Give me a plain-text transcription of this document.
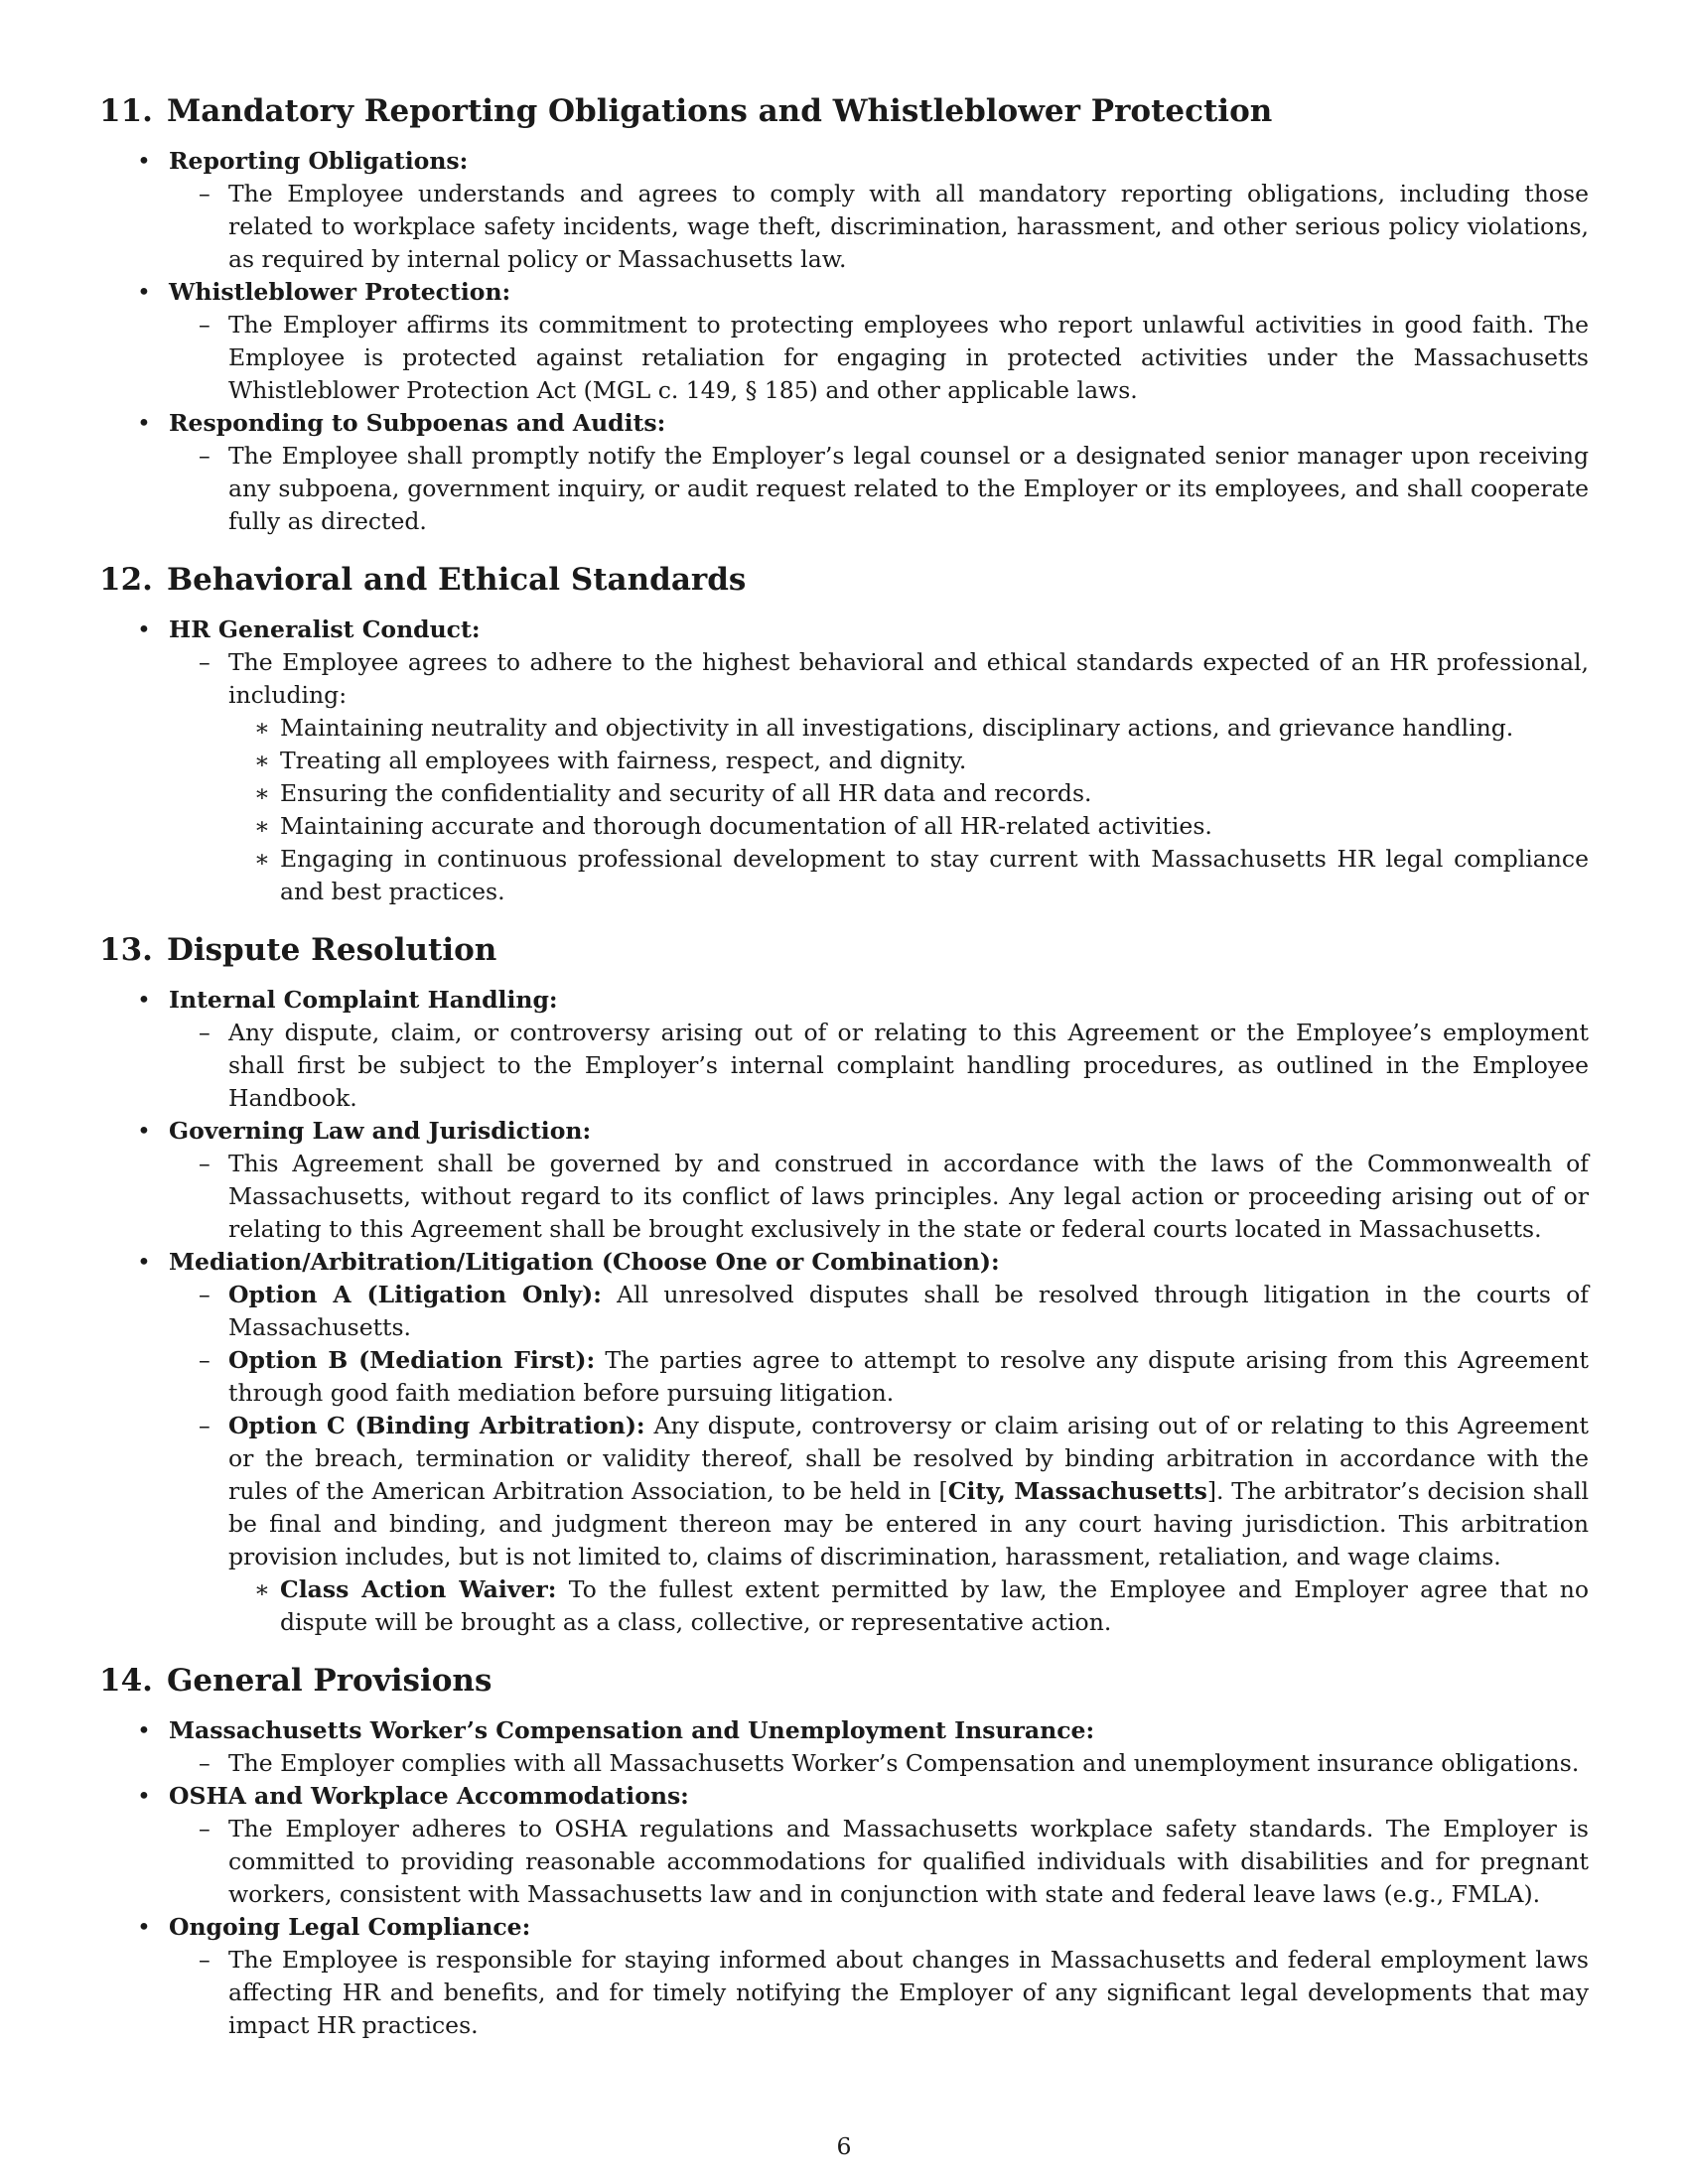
11. Mandatory Reporting Obligations and Whistleblower Protection
• Reporting Obligations:
– The Employee understands and agrees to comply with all mandatory reporting obligations, including those related to workplace safety incidents, wage theft, discrimination, harassment, and other serious policy violations, as required by internal policy or Massachusetts law.
• Whistleblower Protection:
– The Employer affirms its commitment to protecting employees who report unlawful activities in good faith. The Employee is protected against retaliation for engaging in protected activities under the Massachusetts Whistleblower Protection Act (MGL c. 149, § 185) and other applicable laws.
• Responding to Subpoenas and Audits:
– The Employee shall promptly notify the Employer’s legal counsel or a designated senior manager upon receiving any subpoena, government inquiry, or audit request related to the Employer or its employees, and shall cooperate fully as directed.
12. Behavioral and Ethical Standards
• HR Generalist Conduct:
– The Employee agrees to adhere to the highest behavioral and ethical standards expected of an HR professional, including:
∗ Maintaining neutrality and objectivity in all investigations, disciplinary actions, and grievance handling.
∗ Treating all employees with fairness, respect, and dignity.
∗ Ensuring the confidentiality and security of all HR data and records.
∗ Maintaining accurate and thorough documentation of all HR-related activities.
∗ Engaging in continuous professional development to stay current with Massachusetts HR legal compliance and best practices.
13. Dispute Resolution
• Internal Complaint Handling:
– Any dispute, claim, or controversy arising out of or relating to this Agreement or the Employee’s employment shall first be subject to the Employer’s internal complaint handling procedures, as outlined in the Employee Handbook.
• Governing Law and Jurisdiction:
– This Agreement shall be governed by and construed in accordance with the laws of the Commonwealth of Massachusetts, without regard to its conflict of laws principles. Any legal action or proceeding arising out of or relating to this Agreement shall be brought exclusively in the state or federal courts located in Massachusetts.
• Mediation/Arbitration/Litigation (Choose One or Combination):
– Option A (Litigation Only): All unresolved disputes shall be resolved through litigation in the courts of Massachusetts.
– Option B (Mediation First): The parties agree to attempt to resolve any dispute arising from this Agreement through good faith mediation before pursuing litigation.
– Option C (Binding Arbitration): Any dispute, controversy or claim arising out of or relating to this Agreement or the breach, termination or validity thereof, shall be resolved by binding arbitration in accordance with the rules of the American Arbitration Association, to be held in [City, Massachusetts]. The arbitrator’s decision shall be final and binding, and judgment thereon may be entered in any court having jurisdiction. This arbitration provision includes, but is not limited to, claims of discrimination, harassment, retaliation, and wage claims.
∗ Class Action Waiver: To the fullest extent permitted by law, the Employee and Employer agree that no dispute will be brought as a class, collective, or representative action.
14. General Provisions
• Massachusetts Worker’s Compensation and Unemployment Insurance:
– The Employer complies with all Massachusetts Worker’s Compensation and unemployment insurance obligations.
• OSHA and Workplace Accommodations:
– The Employer adheres to OSHA regulations and Massachusetts workplace safety standards. The Employer is committed to providing reasonable accommodations for qualified individuals with disabilities and for pregnant workers, consistent with Massachusetts law and in conjunction with state and federal leave laws (e.g., FMLA).
• Ongoing Legal Compliance:
– The Employee is responsible for staying informed about changes in Massachusetts and federal employment laws affecting HR and benefits, and for timely notifying the Employer of any significant legal developments that may impact HR practices.
6
